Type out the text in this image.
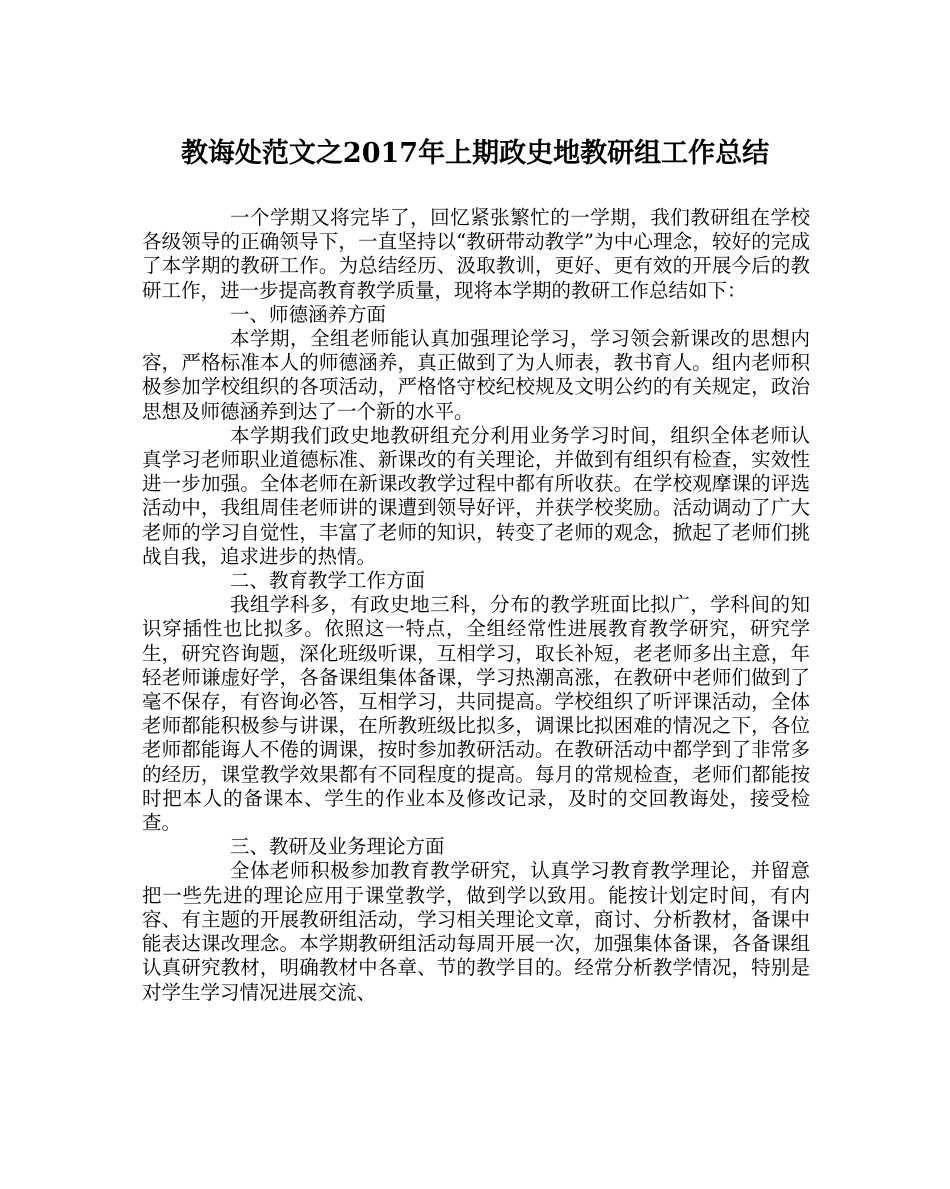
教诲处范文之2017年上期政史地教研组工作总结

一个学期又将完毕了，回忆紧张繁忙的一学期，我们教研组在学校各级领导的正确领导下，一直坚持以“教研带动教学”为中心理念，较好的完成了本学期的教研工作。为总结经历、汲取教训，更好、更有效的开展今后的教研工作，进一步提高教育教学质量，现将本学期的教研工作总结如下：

一、师德涵养方面

本学期，全组老师能认真加强理论学习，学习领会新课改的思想内容，严格标准本人的师德涵养，真正做到了为人师表，教书育人。组内老师积极参加学校组织的各项活动，严格恪守校纪校规及文明公约的有关规定，政治思想及师德涵养到达了一个新的水平。

本学期我们政史地教研组充分利用业务学习时间，组织全体老师认真学习老师职业道德标准、新课改的有关理论，并做到有组织有检查，实效性进一步加强。全体老师在新课改教学过程中都有所收获。在学校观摩课的评选活动中，我组周佳老师讲的课遭到领导好评，并获学校奖励。活动调动了广大老师的学习自觉性，丰富了老师的知识，转变了老师的观念，掀起了老师们挑战自我，追求进步的热情。

二、教育教学工作方面

我组学科多，有政史地三科，分布的教学班面比拟广，学科间的知识穿插性也比拟多。依照这一特点，全组经常性进展教育教学研究，研究学生，研究咨询题，深化班级听课，互相学习，取长补短，老老师多出主意，年轻老师谦虚好学，各备课组集体备课，学习热潮高涨，在教研中老师们做到了毫不保存，有咨询必答，互相学习，共同提高。学校组织了听评课活动，全体老师都能积极参与讲课，在所教班级比拟多，调课比拟困难的情况之下，各位老师都能诲人不倦的调课，按时参加教研活动。在教研活动中都学到了非常多的经历，课堂教学效果都有不同程度的提高。每月的常规检查，老师们都能按时把本人的备课本、学生的作业本及修改记录，及时的交回教诲处，接受检查。

三、教研及业务理论方面

全体老师积极参加教育教学研究，认真学习教育教学理论，并留意把一些先进的理论应用于课堂教学，做到学以致用。能按计划定时间，有内容、有主题的开展教研组活动，学习相关理论文章，商讨、分析教材，备课中能表达课改理念。本学期教研组活动每周开展一次，加强集体备课，各备课组认真研究教材，明确教材中各章、节的教学目的。经常分析教学情况，特别是对学生学习情况进展交流、
